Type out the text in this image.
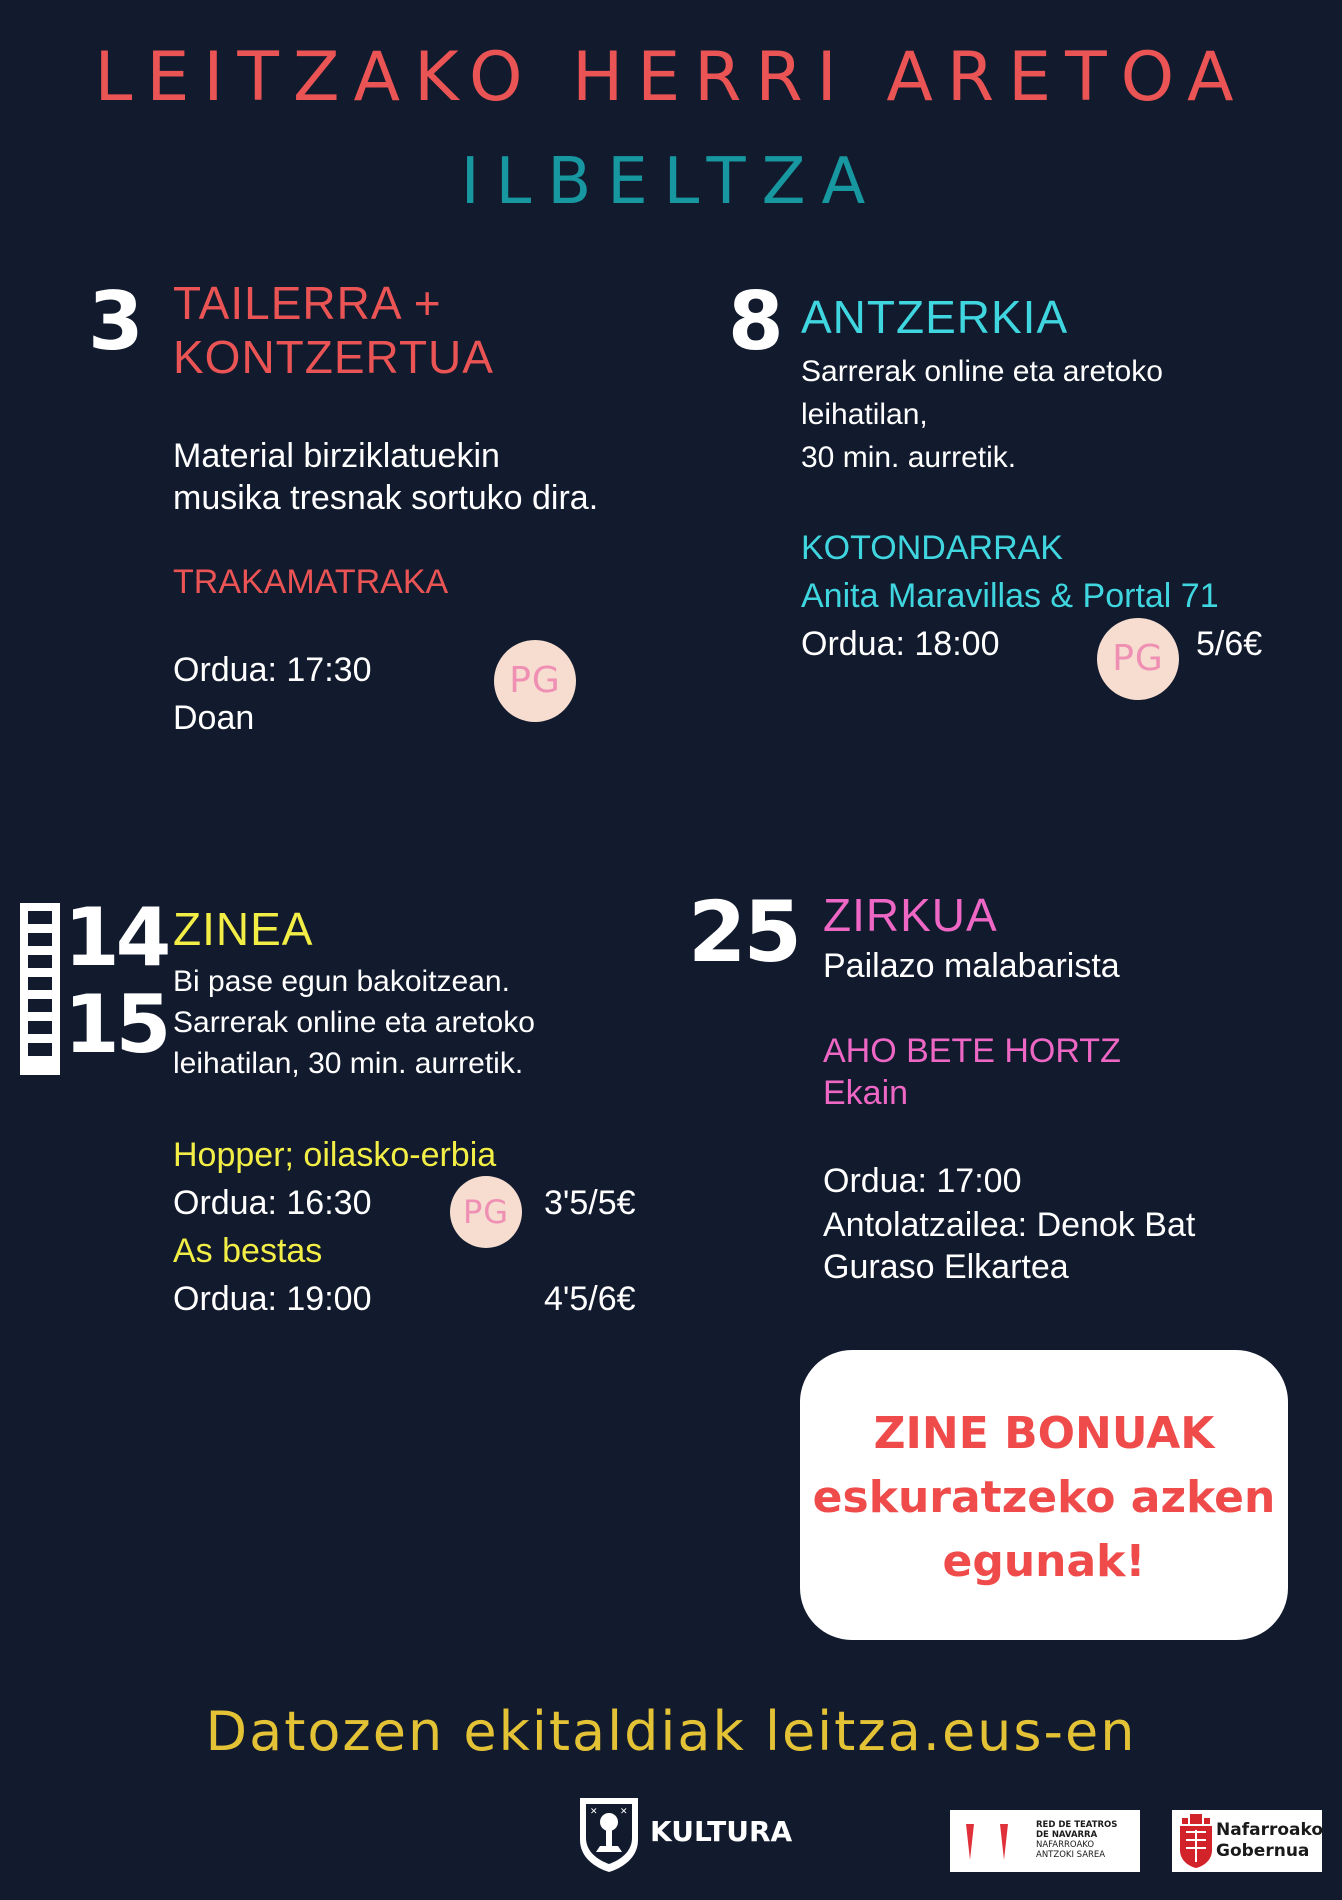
LEITZAKO HERRI ARETOA
ILBELTZA
3 TAILERRA +
KONTZERTUA
Material birziklatuekin
musika tresnak sortuko dira.
TRAKAMATRAKA
Ordua: 17:30
Doan
PG
8 ANTZERKIA
Sarrerak online eta aretoko
leihatilan,
30 min. aurretik.
KOTONDARRAK
Anita Maravillas & Portal 71
Ordua: 18:00	PG 5/6€
14
15
ZINEA
Bi pase egun bakoitzean.
Sarrerak online eta aretoko
leihatilan, 30 min. aurretik.
Hopper; oilasko-erbia
Ordua: 16:30	PG	3'5/5€
As bestas
Ordua: 19:00	4'5/6€
25 ZIRKUA
Pailazo malabarista
AHO BETE HORTZ
Ekain
Ordua: 17:00
Antolatzailea: Denok Bat
Guraso Elkartea
ZINE BONUAK
eskuratzeko azken
egunak!
Datozen ekitaldiak leitza.eus-en
✕ ✕
KULTURA	RED DE TEATROS
DE NAVARRA
NAFARROAKO
ANTZOKI SAREA
Nafarroako
Gobernua
